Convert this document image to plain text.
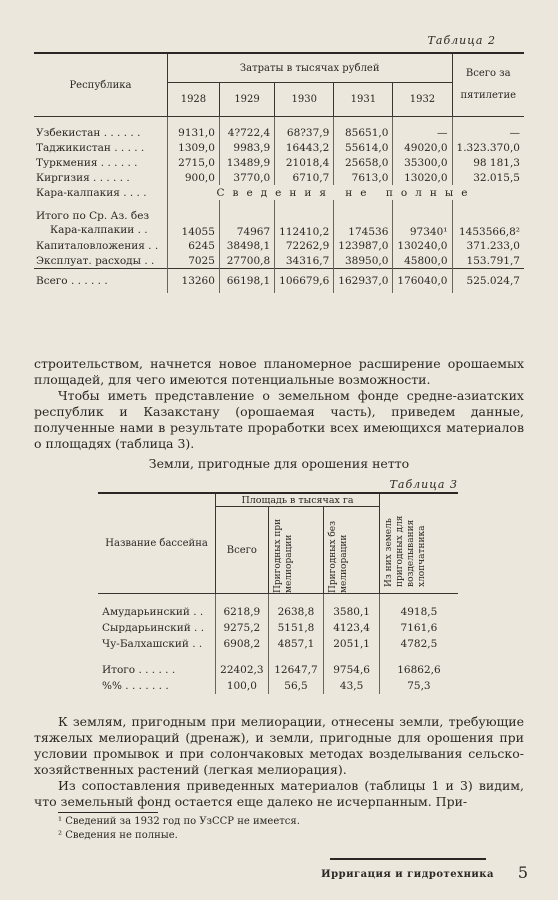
Таблица 2
Республика	Затраты в тысячах рублей					Всего за пятилетие
	1928	1929	1930	1931	1932	

Узбекистан . . . . . .	9131,0	4?722,4	68?37,9	85651,0	—	—
Таджикистан . . . . .	1309,0	9983,9	16443,2	55614,0	49020,0	1.323.370,0
Туркмения . . . . . .	2715,0	13489,9	21018,4	25658,0	35300,0	98 181,3
Киргизия . . . . . .	900,0	3770,0	6710,7	7613,0	13020,0	32.015,5
Кара-калпакия . . . .	Сведения не полные					

Итого по Ср. Аз. без
Кара-калпакии . .	14055	74967	112410,2	174536	97340¹	1453566,8²
Капиталовложения . .	6245	38498,1	72262,9	123987,0	130240,0	371.233,0
Эксплуат. расходы . .	7025	27700,8	34316,7	38950,0	45800,0	153.791,7
Всего . . . . . .	13260	66198,1	106679,6	162937,0	176040,0	525.024,7
строительством, начнется новое планомерное расширение орошаемых площадей, для чего имеются потенциальные возможности.
Чтобы иметь представление о земельном фонде средне-азиатских республик и Казакстану (орошаемая часть), приведем данные, полученные нами в результате проработки всех имеющихся материалов о площадях (таблица 3).
Земли, пригодные для орошения нетто
Таблица 3
Название бассейна	Площадь в тысячах га			Из них земель пригодных для возделывания хлопчатника

	Всего	Пригодных при мелиорации	Пригодных без мелиорации	

Амударьинский . .	6218,9	2638,8	3580,1	4918,5
Сырдарьинский . .	9275,2	5151,8	4123,4	7161,6
Чу-Балхашский . .	6908,2	4857,1	2051,1	4782,5

Итого . . . . . .	22402,3	12647,7	9754,6	16862,6
%% . . . . . . .	100,0	56,5	43,5	75,3
К землям, пригодным при мелиорации, отнесены земли, требующие тяжелых мелиораций (дренаж), и земли, пригодные для орошения при условии промывок и при солончаковых методах возделывания сельско-хозяйственных растений (легкая мелиорация).
Из сопоставления приведенных материалов (таблицы 1 и 3) видим, что земельный фонд остается еще далеко не исчерпанным. При-
¹ Сведений за 1932 год по УзССР не имеется.
² Сведения не полные.
Ирригация и гидротехника 5
